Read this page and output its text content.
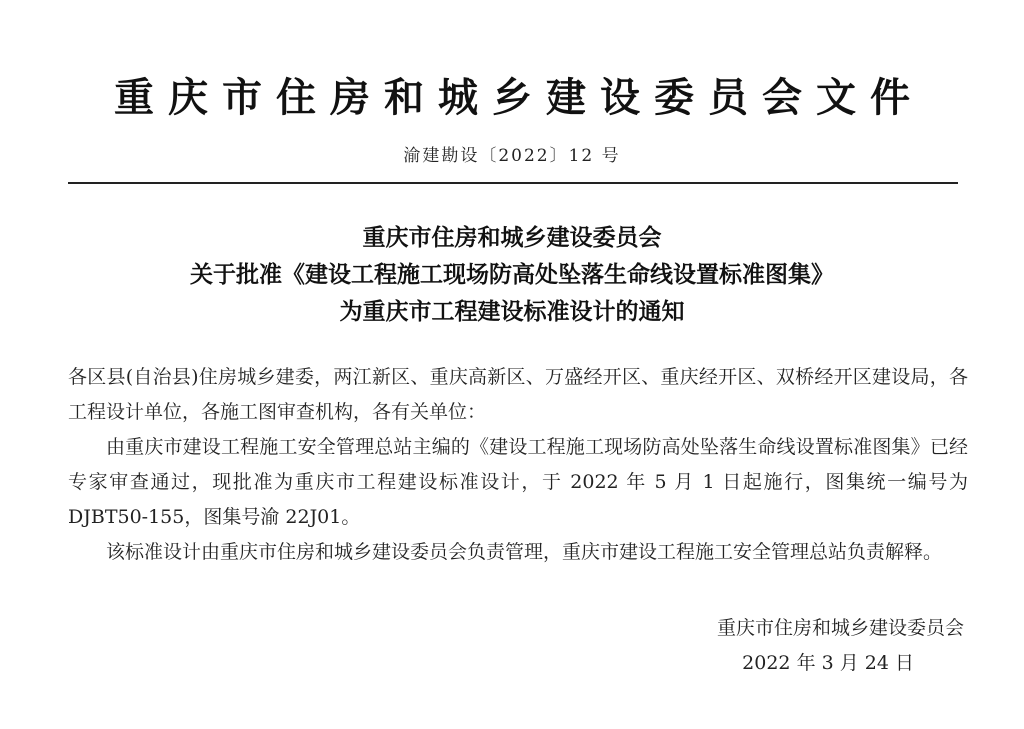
重庆市住房和城乡建设委员会文件
渝建勘设〔2022〕12 号
重庆市住房和城乡建设委员会
关于批准《建设工程施工现场防高处坠落生命线设置标准图集》
为重庆市工程建设标准设计的通知

各区县(自治县)住房城乡建委，两江新区、重庆高新区、万盛经开区、重庆经开区、双桥经开区建设局，各工程设计单位，各施工图审查机构，各有关单位：

由重庆市建设工程施工安全管理总站主编的《建设工程施工现场防高处坠落生命线设置标准图集》已经专家审查通过，现批准为重庆市工程建设标准设计，于 2022 年 5 月 1 日起施行，图集统一编号为 DJBT50-155，图集号渝 22J01。

该标准设计由重庆市住房和城乡建设委员会负责管理，重庆市建设工程施工安全管理总站负责解释。

重庆市住房和城乡建设委员会
2022 年 3 月 24 日
